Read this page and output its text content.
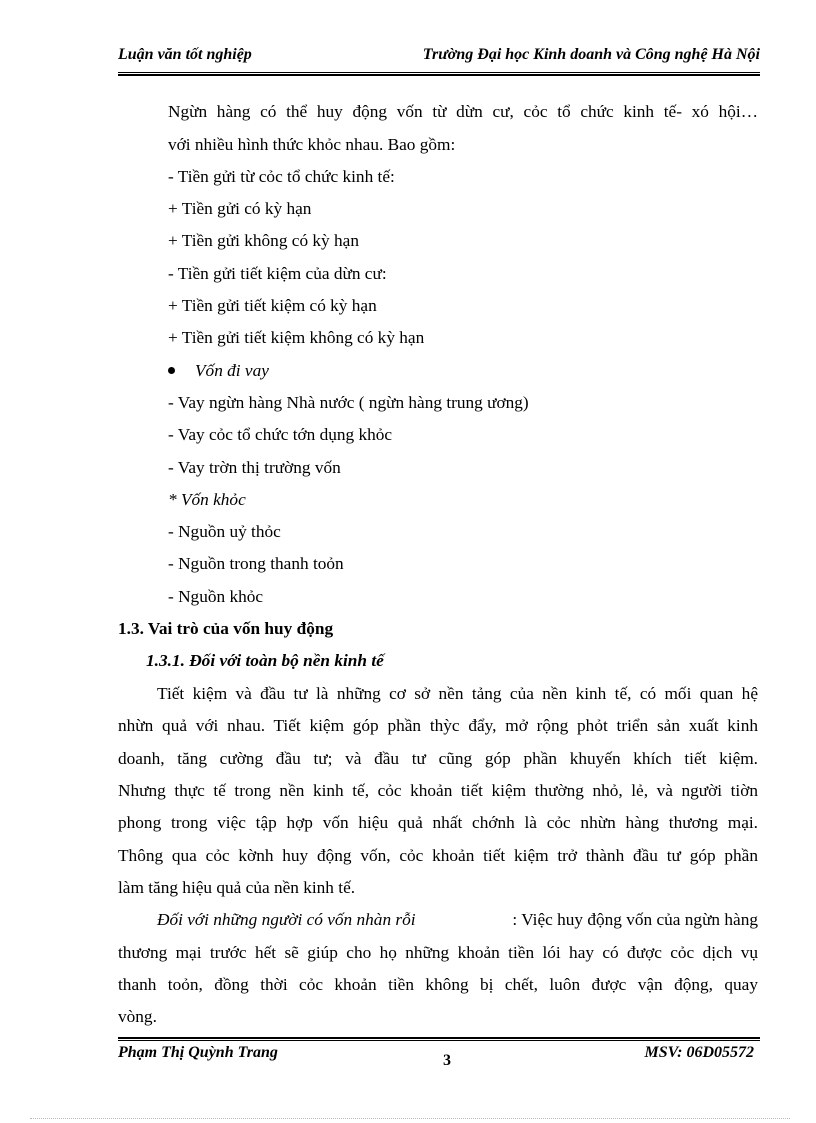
Luận văn tốt nghiệp	Trường Đại học Kinh doanh và Công nghệ Hà Nội
Ngừn hàng có thể huy động vốn từ dừn cư, cỏc tổ chức kinh tế- xó hội…
với nhiều hình thức khỏc nhau. Bao gồm:
- Tiền gửi từ cỏc tổ chức kinh tế:
+ Tiền gửi có kỳ hạn
+ Tiền gửi không có kỳ hạn
- Tiền gửi tiết kiệm của dừn cư:
+ Tiền gửi tiết kiệm có kỳ hạn
+ Tiền gửi tiết kiệm không có kỳ hạn
Vốn đi vay
- Vay ngừn hàng Nhà nước ( ngừn hàng trung ương)
- Vay cỏc tổ chức tớn dụng khỏc
- Vay trờn thị trường vốn
* Vốn khỏc
- Nguồn uỷ thỏc
- Nguồn trong thanh toỏn
- Nguồn khỏc
1.3. Vai trò của vốn huy động
1.3.1. Đối với toàn bộ nền kinh tế
Tiết kiệm và đầu tư là những cơ sở nền tảng của nền kinh tế, có mối quan hệ
nhừn quả với nhau. Tiết kiệm góp phần thỳc đẩy, mở rộng phỏt triển sản xuất kinh
doanh, tăng cường đầu tư; và đầu tư cũng góp phần khuyến khích tiết kiệm.
Nhưng thực tế trong nền kinh tế, cỏc khoản tiết kiệm thường nhỏ, lẻ, và người tiờn
phong trong việc tập hợp vốn hiệu quả nhất chớnh là cỏc nhừn hàng thương mại.
Thông qua cỏc kờnh huy động vốn, cỏc khoản tiết kiệm trở thành đầu tư góp phần
làm tăng hiệu quả của nền kinh tế.
Đối với những người có vốn nhàn rỗi	: Việc huy động vốn của ngừn hàng
thương mại trước hết sẽ giúp cho họ những khoản tiền lói hay có được cỏc dịch vụ
thanh toỏn, đồng thời cỏc khoản tiền không bị chết, luôn được vận động, quay
vòng.
Phạm Thị Quỳnh Trang	3	MSV: 06D05572
